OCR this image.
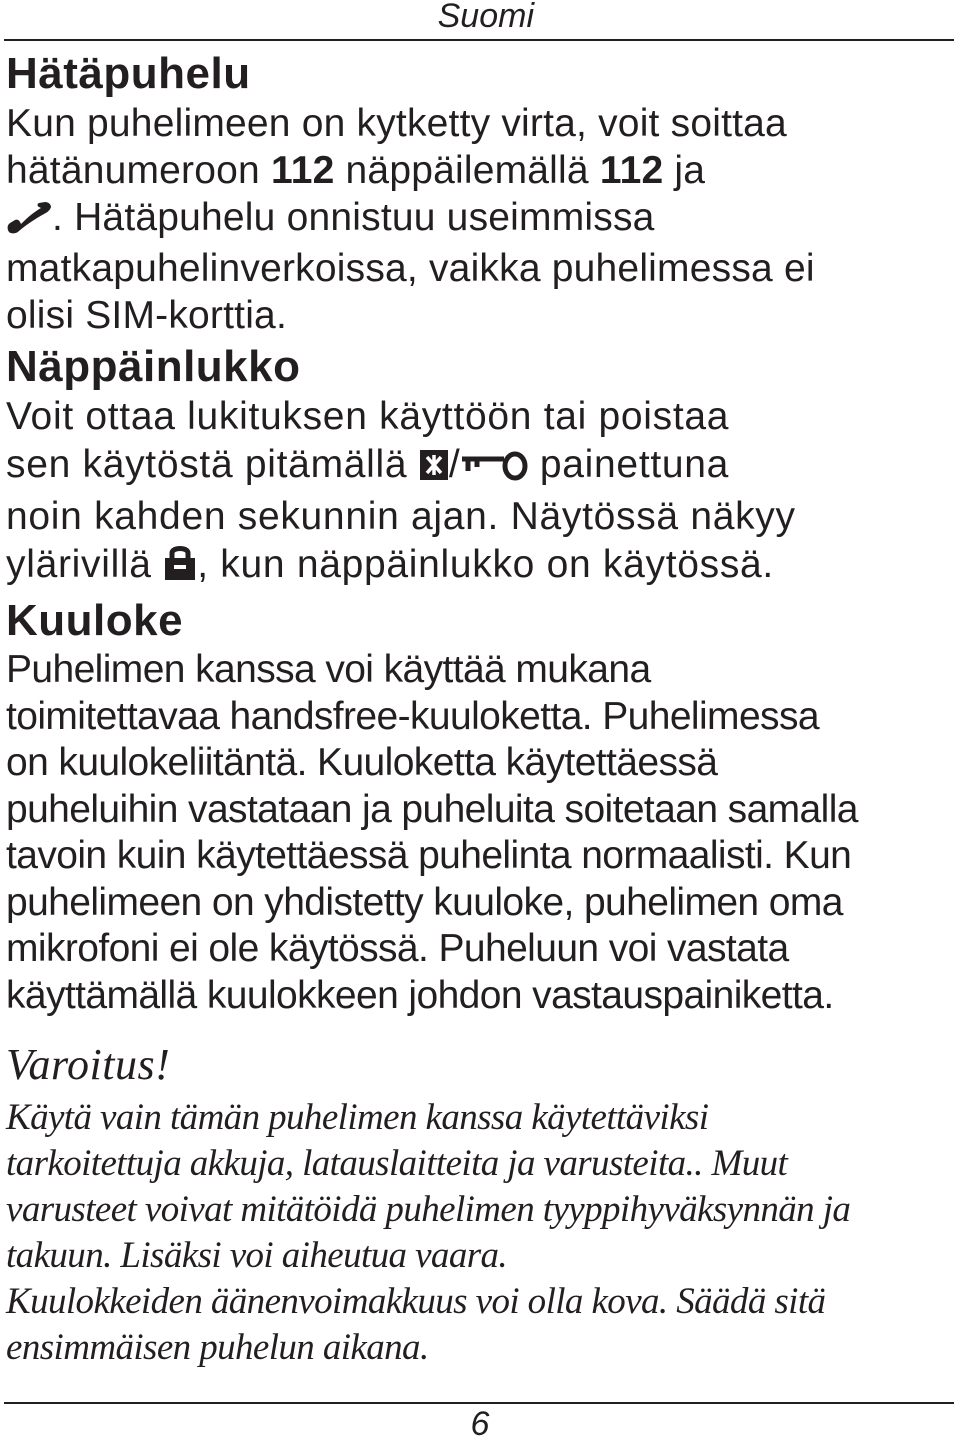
Suomi
Hätäpuhelu

Kun puhelimeen on kytketty virta, voit soittaa
hätänumeroon 112 näppäilemällä 112 ja
. Hätäpuhelu onnistuu useimmissa
matkapuhelinverkoissa, vaikka puhelimessa ei
olisi SIM-korttia.

Näppäinlukko

Voit ottaa lukituksen käyttöön tai poistaa
sen käytöstä pitämällä / painettuna
noin kahden sekunnin ajan. Näytössä näkyy
ylärivillä , kun näppäinlukko on käytössä.

Kuuloke

Puhelimen kanssa voi käyttää mukana
toimitettavaa handsfree-kuuloketta. Puhelimessa
on kuulokeliitäntä. Kuuloketta käytettäessä
puheluihin vastataan ja puheluita soitetaan samalla
tavoin kuin käytettäessä puhelinta normaalisti. Kun
puhelimeen on yhdistetty kuuloke, puhelimen oma
mikrofoni ei ole käytössä. Puheluun voi vastata
käyttämällä kuulokkeen johdon vastauspainiketta.

Varoitus!

Käytä vain tämän puhelimen kanssa käytettäviksi
tarkoitettuja akkuja, latauslaitteita ja varusteita.. Muut
varusteet voivat mitätöidä puhelimen tyyppihyväksynnän ja
takuun. Lisäksi voi aiheutua vaara.
Kuulokkeiden äänenvoimakkuus voi olla kova. Säädä sitä
ensimmäisen puhelun aikana.

6
